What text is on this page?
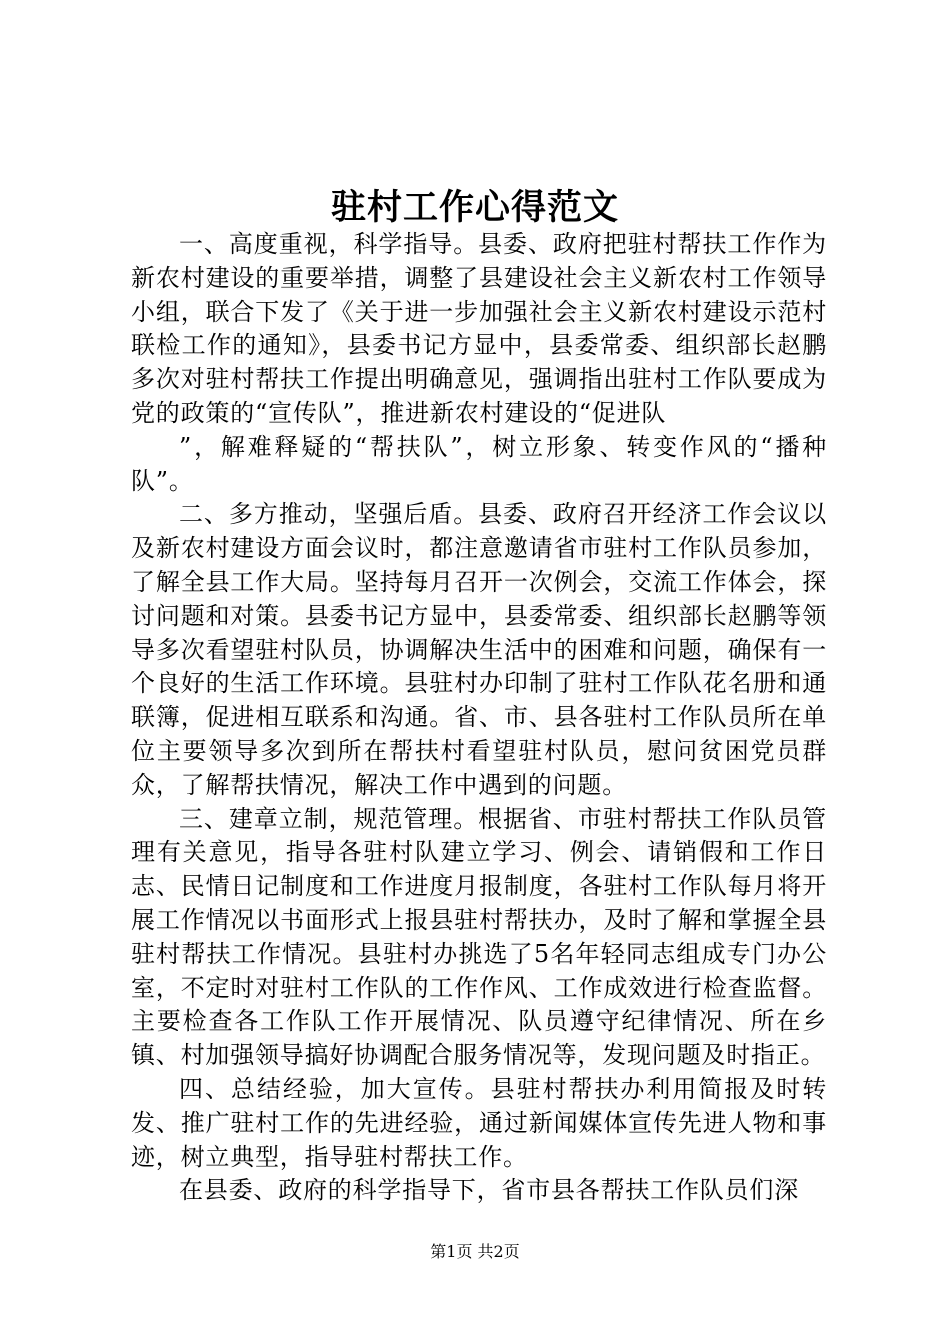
驻村工作心得范文

一、高度重视，科学指导。县委、政府把驻村帮扶工作作为新农村建设的重要举措，调整了县建设社会主义新农村工作领导小组，联合下发了《关于进一步加强社会主义新农村建设示范村联检工作的通知》，县委书记方显中，县委常委、组织部长赵鹏多次对驻村帮扶工作提出明确意见，强调指出驻村工作队要成为党的政策的“宣传队”，推进新农村建设的“促进队

”，解难释疑的“帮扶队”，树立形象、转变作风的“播种队”。

二、多方推动，坚强后盾。县委、政府召开经济工作会议以及新农村建设方面会议时，都注意邀请省市驻村工作队员参加，了解全县工作大局。坚持每月召开一次例会，交流工作体会，探讨问题和对策。县委书记方显中，县委常委、组织部长赵鹏等领导多次看望驻村队员，协调解决生活中的困难和问题，确保有一个良好的生活工作环境。县驻村办印制了驻村工作队花名册和通联簿，促进相互联系和沟通。省、市、县各驻村工作队员所在单位主要领导多次到所在帮扶村看望驻村队员，慰问贫困党员群众，了解帮扶情况，解决工作中遇到的问题。

三、建章立制，规范管理。根据省、市驻村帮扶工作队员管理有关意见，指导各驻村队建立学习、例会、请销假和工作日志、民情日记制度和工作进度月报制度，各驻村工作队每月将开展工作情况以书面形式上报县驻村帮扶办，及时了解和掌握全县驻村帮扶工作情况。县驻村办挑选了5名年轻同志组成专门办公室，不定时对驻村工作队的工作作风、工作成效进行检查监督。主要检查各工作队工作开展情况、队员遵守纪律情况、所在乡镇、村加强领导搞好协调配合服务情况等，发现问题及时指正。

四、总结经验，加大宣传。县驻村帮扶办利用简报及时转发、推广驻村工作的先进经验，通过新闻媒体宣传先进人物和事迹，树立典型，指导驻村帮扶工作。

在县委、政府的科学指导下，省市县各帮扶工作队员们深

第1页 共2页
